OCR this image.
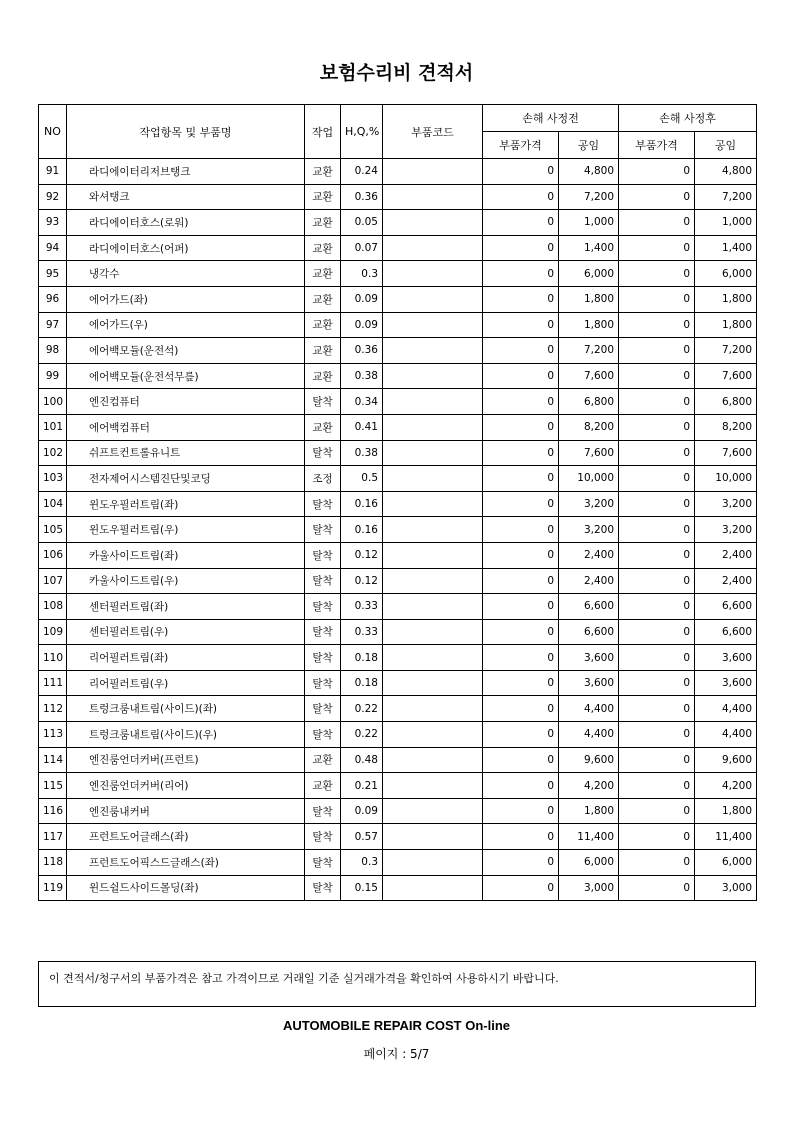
보험수리비 견적서
NO	작업항목 및 부품명	작업	H,Q,%	부품코드	손해 사정전		손해 사정후	
					부품가격	공임	부품가격	공임
91	라디에이터리저브탱크	교환	0.24		0	4,800	0	4,800
92	와셔탱크	교환	0.36		0	7,200	0	7,200
93	라디에이터호스(로워)	교환	0.05		0	1,000	0	1,000
94	라디에이터호스(어퍼)	교환	0.07		0	1,400	0	1,400
95	냉각수	교환	0.3		0	6,000	0	6,000
96	에어가드(좌)	교환	0.09		0	1,800	0	1,800
97	에어가드(우)	교환	0.09		0	1,800	0	1,800
98	에어백모듈(운전석)	교환	0.36		0	7,200	0	7,200
99	에어백모듈(운전석무릎)	교환	0.38		0	7,600	0	7,600
100	엔진컴퓨터	탈착	0.34		0	6,800	0	6,800
101	에어백컴퓨터	교환	0.41		0	8,200	0	8,200
102	쉬프트컨트롤유니트	탈착	0.38		0	7,600	0	7,600
103	전자제어시스템진단및코딩	조정	0.5		0	10,000	0	10,000
104	윈도우필러트림(좌)	탈착	0.16		0	3,200	0	3,200
105	윈도우필러트림(우)	탈착	0.16		0	3,200	0	3,200
106	카울사이드트림(좌)	탈착	0.12		0	2,400	0	2,400
107	카울사이드트림(우)	탈착	0.12		0	2,400	0	2,400
108	센터필러트림(좌)	탈착	0.33		0	6,600	0	6,600
109	센터필러트림(우)	탈착	0.33		0	6,600	0	6,600
110	리어필러트림(좌)	탈착	0.18		0	3,600	0	3,600
111	리어필러트림(우)	탈착	0.18		0	3,600	0	3,600
112	트렁크룸내트림(사이드)(좌)	탈착	0.22		0	4,400	0	4,400
113	트렁크룸내트림(사이드)(우)	탈착	0.22		0	4,400	0	4,400
114	엔진룸언더커버(프런트)	교환	0.48		0	9,600	0	9,600
115	엔진룸언더커버(리어)	교환	0.21		0	4,200	0	4,200
116	엔진룸내커버	탈착	0.09		0	1,800	0	1,800
117	프런트도어글래스(좌)	탈착	0.57		0	11,400	0	11,400
118	프런트도어픽스드글래스(좌)	탈착	0.3		0	6,000	0	6,000
119	윈드쉴드사이드몰딩(좌)	탈착	0.15		0	3,000	0	3,000
이 견적서/청구서의 부품가격은 참고 가격이므로 거래일 기준 실거래가격을 확인하여 사용하시기 바랍니다.
AUTOMOBILE REPAIR COST On-line
페이지 : 5/7
